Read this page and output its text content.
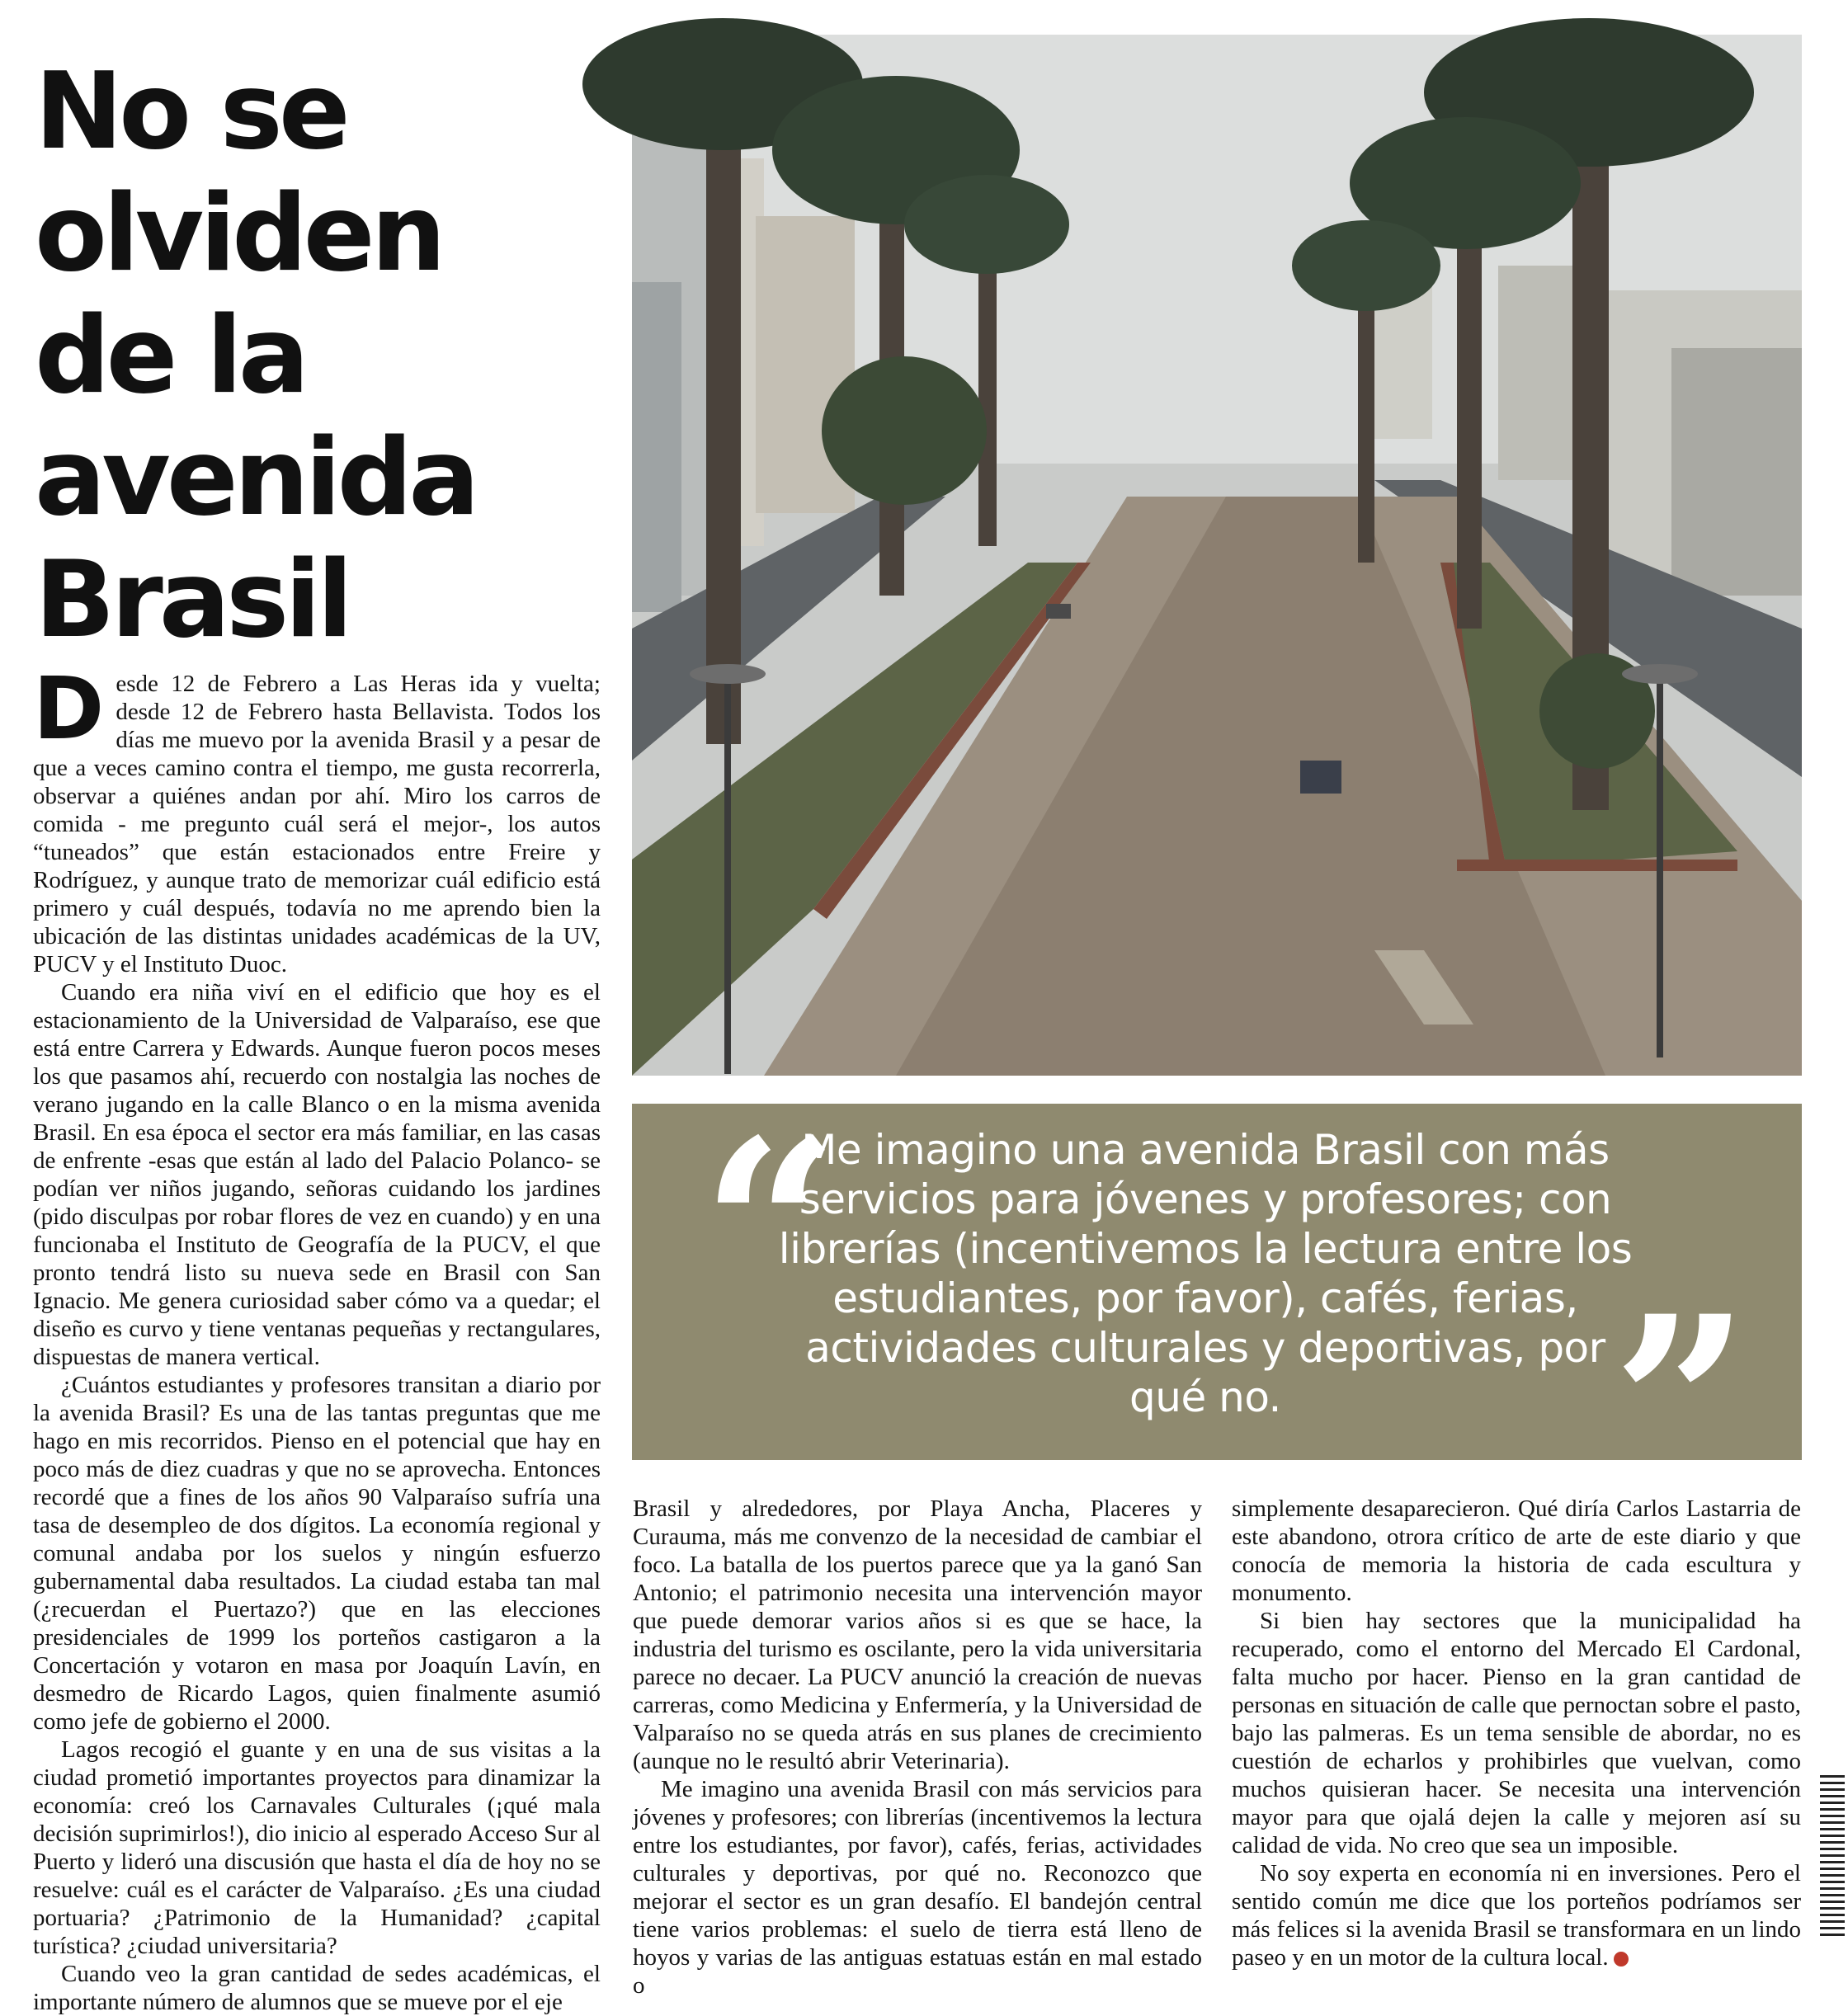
No se olviden de la avenida Brasil
“

Me imagino una avenida Brasil con más servicios para jóvenes y profesores; con librerías (incentivemos la lectura entre los estudiantes, por favor), cafés, ferias, actividades culturales y deportivas, por qué no.	”

Desde 12 de Febrero a Las Heras ida y vuelta; desde 12 de Febrero hasta Bellavista. Todos los días me muevo por la avenida Brasil y a pesar de que a veces camino contra el tiempo, me gusta recorrerla, observar a quiénes andan por ahí. Miro los carros de comida - me pregunto cuál será el mejor-, los autos “tuneados” que están estacionados entre Freire y Rodríguez, y aunque trato de memorizar cuál edificio está primero y cuál después, todavía no me aprendo bien la ubicación de las distintas unidades académicas de la UV, PUCV y el Instituto Duoc.

Cuando era niña viví en el edificio que hoy es el estacionamiento de la Universidad de Valparaíso, ese que está entre Carrera y Edwards. Aunque fueron pocos meses los que pasamos ahí, recuerdo con nostalgia las noches de verano jugando en la calle Blanco o en la misma avenida Brasil. En esa época el sector era más familiar, en las casas de enfrente -esas que están al lado del Palacio Polanco- se podían ver niños jugando, señoras cuidando los jardines (pido disculpas por robar flores de vez en cuando) y en una funcionaba el Instituto de Geografía de la PUCV, el que pronto tendrá listo su nueva sede en Brasil con San Ignacio. Me genera curiosidad saber cómo va a quedar; el diseño es curvo y tiene ventanas pequeñas y rectangulares, dispuestas de manera vertical.

¿Cuántos estudiantes y profesores transitan a diario por la avenida Brasil? Es una de las tantas preguntas que me hago en mis recorridos. Pienso en el potencial que hay en poco más de diez cuadras y que no se aprovecha. Entonces recordé que a fines de los años 90 Valparaíso sufría una tasa de desempleo de dos dígitos. La economía regional y comunal andaba por los suelos y ningún esfuerzo gubernamental daba resultados. La ciudad estaba tan mal (¿recuerdan el Puertazo?) que en las elecciones presidenciales de 1999 los porteños castigaron a la Concertación y votaron en masa por Joaquín Lavín, en desmedro de Ricardo Lagos, quien finalmente asumió como jefe de gobierno el 2000.

Lagos recogió el guante y en una de sus visitas a la ciudad prometió importantes proyectos para dinamizar la economía: creó los Carnavales Culturales (¡qué mala decisión suprimirlos!), dio inicio al esperado Acceso Sur al Puerto y lideró una discusión que hasta el día de hoy no se resuelve: cuál es el carácter de Valparaíso. ¿Es una ciudad portuaria? ¿Patrimonio de la Humanidad? ¿capital turística? ¿ciudad universitaria?

Cuando veo la gran cantidad de sedes académicas, el importante número de alumnos que se mueve por el eje

Brasil y alrededores, por Playa Ancha, Placeres y Curauma, más me convenzo de la necesidad de cambiar el foco. La batalla de los puertos parece que ya la ganó San Antonio; el patrimonio necesita una intervención mayor que puede demorar varios años si es que se hace, la industria del turismo es oscilante, pero la vida universitaria parece no decaer. La PUCV anunció la creación de nuevas carreras, como Medicina y Enfermería, y la Universidad de Valparaíso no se queda atrás en sus planes de crecimiento (aunque no le resultó abrir Veterinaria).

Me imagino una avenida Brasil con más servicios para jóvenes y profesores; con librerías (incentivemos la lectura entre los estudiantes, por favor), cafés, ferias, actividades culturales y deportivas, por qué no. Reconozco que mejorar el sector es un gran desafío. El bandejón central tiene varios problemas: el suelo de tierra está lleno de hoyos y varias de las antiguas estatuas están en mal estado o

simplemente desaparecieron. Qué diría Carlos Lastarria de este abandono, otrora crítico de arte de este diario y que conocía de memoria la historia de cada escultura y monumento.

Si bien hay sectores que la municipalidad ha recuperado, como el entorno del Mercado El Cardonal, falta mucho por hacer. Pienso en la gran cantidad de personas en situación de calle que pernoctan sobre el pasto, bajo las palmeras. Es un tema sensible de abordar, no es cuestión de echarlos y prohibirles que vuelvan, como muchos quisieran hacer. Se necesita una intervención mayor para que ojalá dejen la calle y mejoren así su calidad de vida. No creo que sea un imposible.

No soy experta en economía ni en inversiones. Pero el sentido común me dice que los porteños podríamos ser más felices si la avenida Brasil se transformara en un lindo paseo y en un motor de la cultura local.	✪
